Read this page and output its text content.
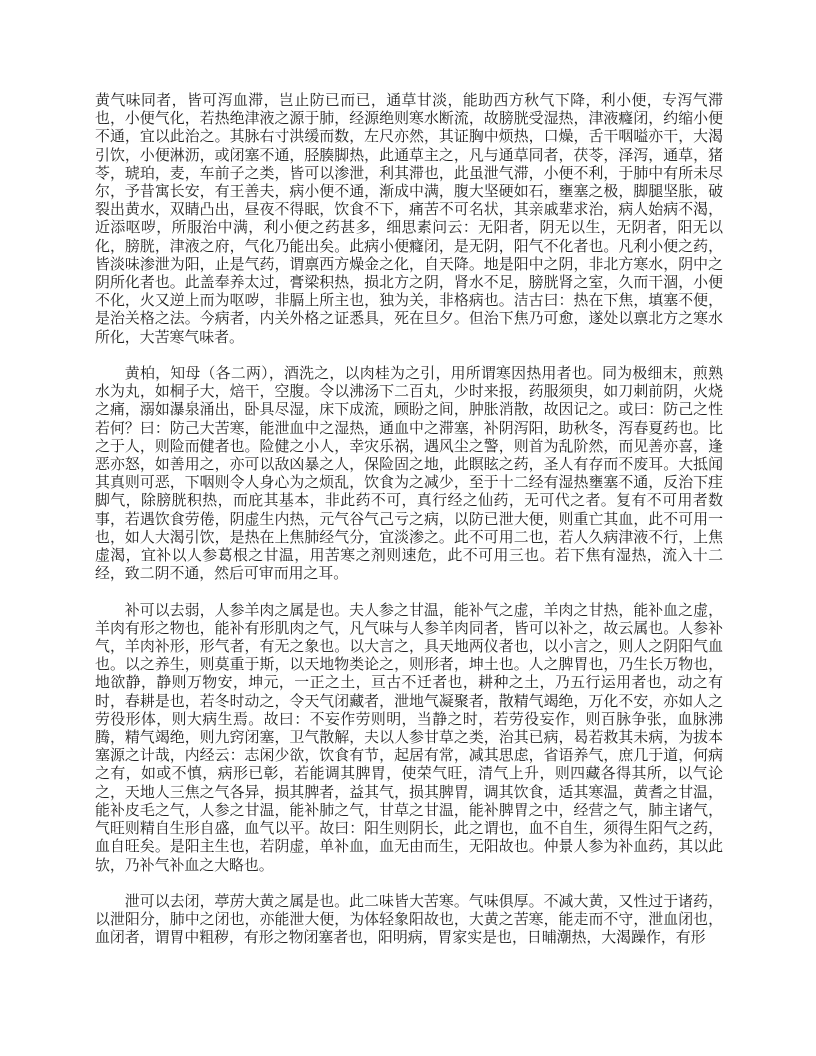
黄气味同者，皆可泻血滞，岂止防已而已，通草甘淡，能助西方秋气下降，利小便，专泻气滞也，小便气化，若热绝津液之源于肺，经源绝则寒水断流，故膀胱受湿热，津液癃闭，约缩小便不通，宜以此治之。其脉右寸洪缓而数，左尺亦然，其证胸中烦热，口燥，舌干咽嗌亦干，大渴引饮，小便淋沥，或闭塞不通，胫腠脚热，此通草主之，凡与通草同者，茯苓，泽泻，通草，猪苓，琥珀，麦，车前子之类，皆可以渗泄，利其滞也，此虽泄气滞，小便不利，于肺中有所未尽尔，予昔寓长安，有王善夫，病小便不通，渐成中满，腹大坚硬如石，壅塞之极，脚腿坚胀，破裂出黄水，双睛凸出，昼夜不得眠，饮食不下，痛苦不可名状，其亲戚辈求治，病人始病不渴，近添呕哕，所服治中满，利小便之药甚多，细思素问云：无阳者，阴无以生，无阴者，阳无以化，膀胱，津液之府，气化乃能出矣。此病小便癃闭，是无阴，阳气不化者也。凡利小便之药，皆淡味渗泄为阳，止是气药，谓禀西方燥金之化，自天降。地是阳中之阴，非北方寒水，阴中之阴所化者也。此盖奉养太过，膏梁积热，损北方之阴，肾水不足，膀胱肾之室，久而干涸，小便不化，火又逆上而为呕哕，非膈上所主也，独为关，非格病也。洁古曰：热在下焦，填塞不便，是治关格之法。今病者，内关外格之证悉具，死在旦夕。但治下焦乃可愈，遂处以禀北方之寒水所化，大苦寒气味者。

黄柏，知母（各二两），酒洗之，以肉桂为之引，用所谓寒因热用者也。同为极细末，煎熟水为丸，如桐子大，焙干，空腹。令以沸汤下二百丸，少时来报，药服须臾，如刀刺前阴，火烧之痛，溺如瀑泉涌出，卧具尽湿，床下成流，顾盼之间，肿胀消散，故因记之。或曰：防己之性若何？曰：防己大苦寒，能泄血中之湿热，通血中之滞塞，补阴泻阳，助秋冬，泻春夏药也。比之于人，则险而健者也。险健之小人，幸灾乐祸，遇风尘之警，则首为乱阶然，而见善亦喜，逢恶亦怒，如善用之，亦可以敌凶暴之人，保险固之地，此瞑眩之药，圣人有存而不废耳。大抵闻其真则可恶，下咽则令人身心为之烦乱，饮食为之减少，至于十二经有湿热壅塞不通，反治下疰脚气，除膀胱积热，而庇其基本，非此药不可，真行经之仙药，无可代之者。复有不可用者数事，若遇饮食劳倦，阴虚生内热，元气谷气己亏之病，以防已泄大便，则重亡其血，此不可用一也，如人大渴引饮，是热在上焦肺经气分，宜淡渗之。此不可用二也，若人久病津液不行，上焦虚渴，宜补以人参葛根之甘温，用苦寒之剂则速危，此不可用三也。若下焦有湿热，流入十二经，致二阴不通，然后可审而用之耳。

补可以去弱，人参羊肉之属是也。夫人参之甘温，能补气之虚，羊肉之甘热，能补血之虚，羊肉有形之物也，能补有形肌肉之气，凡气味与人参羊肉同者，皆可以补之，故云属也。人参补气，羊肉补形，形气者，有无之象也。以大言之，具天地两仪者也，以小言之，则人之阴阳气血也。以之养生，则莫重于斯，以天地物类论之，则形者，坤土也。人之脾胃也，乃生长万物也，地欲静，静则万物安，坤元，一正之土，亘古不迁者也，耕种之土，乃五行运用者也，动之有时，春耕是也，若冬时动之，令天气闭藏者，泄地气凝聚者，散精气竭绝，万化不安，亦如人之劳役形体，则大病生焉。故曰：不妄作劳则明，当静之时，若劳役妄作，则百脉争张，血脉沸腾，精气竭绝，则九窍闭塞，卫气散解，夫以人参甘草之类，治其已病，曷若救其未病，为拔本塞源之计哉，内经云：志闲少欲，饮食有节，起居有常，减其思虑，省语养气，庶几于道，何病之有，如或不慎，病形已彰，若能调其脾胃，使荣气旺，清气上升，则四藏各得其所，以气论之，天地人三焦之气各异，损其脾者，益其气，损其脾胃，调其饮食，适其寒温，黄耆之甘温，能补皮毛之气，人参之甘温，能补肺之气，甘草之甘温，能补脾胃之中，经营之气，肺主诸气，气旺则精自生形自盛，血气以平。故曰：阳生则阴长，此之谓也，血不自生，须得生阳气之药，血自旺矣。是阳主生也，若阴虚，单补血，血无由而生，无阳故也。仲景人参为补血药，其以此欤，乃补气补血之大略也。

泄可以去闭，葶苈大黄之属是也。此二味皆大苦寒。气味俱厚。不减大黄，又性过于诸药，以泄阳分，肺中之闭也，亦能泄大便，为体轻象阳故也，大黄之苦寒，能走而不守，泄血闭也，血闭者，谓胃中粗秽，有形之物闭塞者也，阳明病，胃家实是也，日晡潮热，大渴躁作，有形
